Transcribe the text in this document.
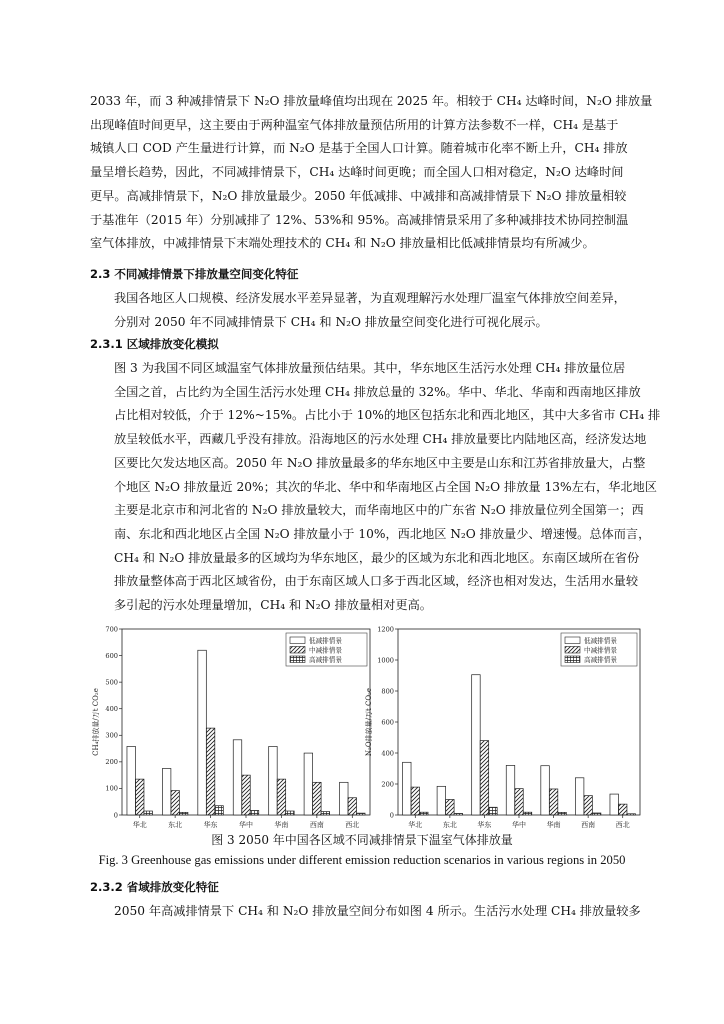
2033 年，而 3 种减排情景下 N₂O 排放量峰值均出现在 2025 年。相较于 CH₄ 达峰时间，N₂O 排放量
出现峰值时间更早，这主要由于两种温室气体排放量预估所用的计算方法参数不一样，CH₄ 是基于
城镇人口 COD 产生量进行计算，而 N₂O 是基于全国人口计算。随着城市化率不断上升，CH₄ 排放
量呈增长趋势，因此，不同减排情景下，CH₄ 达峰时间更晚；而全国人口相对稳定，N₂O 达峰时间
更早。高减排情景下，N₂O 排放量最少。2050 年低减排、中减排和高减排情景下 N₂O 排放量相较
于基准年（2015 年）分别减排了 12%、53%和 95%。高减排情景采用了多种减排技术协同控制温
室气体排放，中减排情景下末端处理技术的 CH₄ 和 N₂O 排放量相比低减排情景均有所减少。
2.3 不同减排情景下排放量空间变化特征
我国各地区人口规模、经济发展水平差异显著，为直观理解污水处理厂温室气体排放空间差异，
分别对 2050 年不同减排情景下 CH₄ 和 N₂O 排放量空间变化进行可视化展示。
2.3.1 区域排放变化模拟
图 3 为我国不同区域温室气体排放量预估结果。其中，华东地区生活污水处理 CH₄ 排放量位居
全国之首，占比约为全国生活污水处理 CH₄ 排放总量的 32%。华中、华北、华南和西南地区排放
占比相对较低，介于 12%~15%。占比小于 10%的地区包括东北和西北地区，其中大多省市 CH₄ 排
放呈较低水平，西藏几乎没有排放。沿海地区的污水处理 CH₄ 排放量要比内陆地区高，经济发达地
区要比欠发达地区高。2050 年 N₂O 排放量最多的华东地区中主要是山东和江苏省排放量大，占整
个地区 N₂O 排放量近 20%；其次的华北、华中和华南地区占全国 N₂O 排放量 13%左右，华北地区
主要是北京市和河北省的 N₂O 排放量较大，而华南地区中的广东省 N₂O 排放量位列全国第一；西
南、东北和西北地区占全国 N₂O 排放量小于 10%，西北地区 N₂O 排放量少、增速慢。总体而言，
CH₄ 和 N₂O 排放量最多的区域均为华东地区，最少的区域为东北和西北地区。东南区域所在省份
排放量整体高于西北区域省份，由于东南区域人口多于西北区域，经济也相对发达，生活用水量较
多引起的污水处理量增加，CH₄ 和 N₂O 排放量相对更高。
0
100
200
300
400
500
600
700
CH₄排放量/万t CO₂e
华北	东北	华东	华中	华南	西南	西北
低减排情景
中减排情景
高减排情景
0
200
400
600
800
1000
1200
N₂O排放量/万t CO₂e
华北	东北	华东	华中	华南	西南	西北
低减排情景
中减排情景
高减排情景
图 3 2050 年中国各区域不同减排情景下温室气体排放量
Fig. 3 Greenhouse gas emissions under different emission reduction scenarios in various regions in 2050
2.3.2 省域排放变化特征
2050 年高减排情景下 CH₄ 和 N₂O 排放量空间分布如图 4 所示。生活污水处理 CH₄ 排放量较多
